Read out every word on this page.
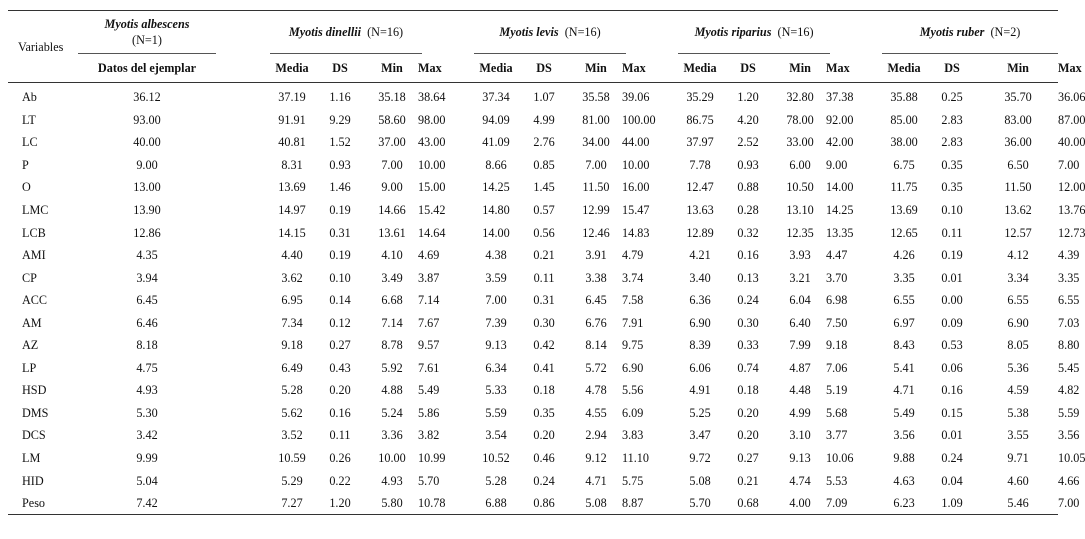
Variables	Myotis albescens
(N=1)		Myotis dinellii (N=16)					Myotis levis (N=16)					Myotis riparius (N=16)					Myotis ruber (N=2)			
	Datos del ejemplar		Media	DS	Min	Max		Media	DS	Min	Max		Media	DS	Min	Max		Media	DS	Min	Max
Ab	36.12		37.19	1.16	35.18	38.64		37.34	1.07	35.58	39.06		35.29	1.20	32.80	37.38		35.88	0.25	35.70	36.06
LT	93.00		91.91	9.29	58.60	98.00		94.09	4.99	81.00	100.00		86.75	4.20	78.00	92.00		85.00	2.83	83.00	87.00
LC	40.00		40.81	1.52	37.00	43.00		41.09	2.76	34.00	44.00		37.97	2.52	33.00	42.00		38.00	2.83	36.00	40.00
P	9.00		8.31	0.93	7.00	10.00		8.66	0.85	7.00	10.00		7.78	0.93	6.00	9.00		6.75	0.35	6.50	7.00
O	13.00		13.69	1.46	9.00	15.00		14.25	1.45	11.50	16.00		12.47	0.88	10.50	14.00		11.75	0.35	11.50	12.00
LMC	13.90		14.97	0.19	14.66	15.42		14.80	0.57	12.99	15.47		13.63	0.28	13.10	14.25		13.69	0.10	13.62	13.76
LCB	12.86		14.15	0.31	13.61	14.64		14.00	0.56	12.46	14.83		12.89	0.32	12.35	13.35		12.65	0.11	12.57	12.73
AMI	4.35		4.40	0.19	4.10	4.69		4.38	0.21	3.91	4.79		4.21	0.16	3.93	4.47		4.26	0.19	4.12	4.39
CP	3.94		3.62	0.10	3.49	3.87		3.59	0.11	3.38	3.74		3.40	0.13	3.21	3.70		3.35	0.01	3.34	3.35
ACC	6.45		6.95	0.14	6.68	7.14		7.00	0.31	6.45	7.58		6.36	0.24	6.04	6.98		6.55	0.00	6.55	6.55
AM	6.46		7.34	0.12	7.14	7.67		7.39	0.30	6.76	7.91		6.90	0.30	6.40	7.50		6.97	0.09	6.90	7.03
AZ	8.18		9.18	0.27	8.78	9.57		9.13	0.42	8.14	9.75		8.39	0.33	7.99	9.18		8.43	0.53	8.05	8.80
LP	4.75		6.49	0.43	5.92	7.61		6.34	0.41	5.72	6.90		6.06	0.74	4.87	7.06		5.41	0.06	5.36	5.45
HSD	4.93		5.28	0.20	4.88	5.49		5.33	0.18	4.78	5.56		4.91	0.18	4.48	5.19		4.71	0.16	4.59	4.82
DMS	5.30		5.62	0.16	5.24	5.86		5.59	0.35	4.55	6.09		5.25	0.20	4.99	5.68		5.49	0.15	5.38	5.59
DCS	3.42		3.52	0.11	3.36	3.82		3.54	0.20	2.94	3.83		3.47	0.20	3.10	3.77		3.56	0.01	3.55	3.56
LM	9.99		10.59	0.26	10.00	10.99		10.52	0.46	9.12	11.10		9.72	0.27	9.13	10.06		9.88	0.24	9.71	10.05
HID	5.04		5.29	0.22	4.93	5.70		5.28	0.24	4.71	5.75		5.08	0.21	4.74	5.53		4.63	0.04	4.60	4.66
Peso	7.42		7.27	1.20	5.80	10.78		6.88	0.86	5.08	8.87		5.70	0.68	4.00	7.09		6.23	1.09	5.46	7.00
